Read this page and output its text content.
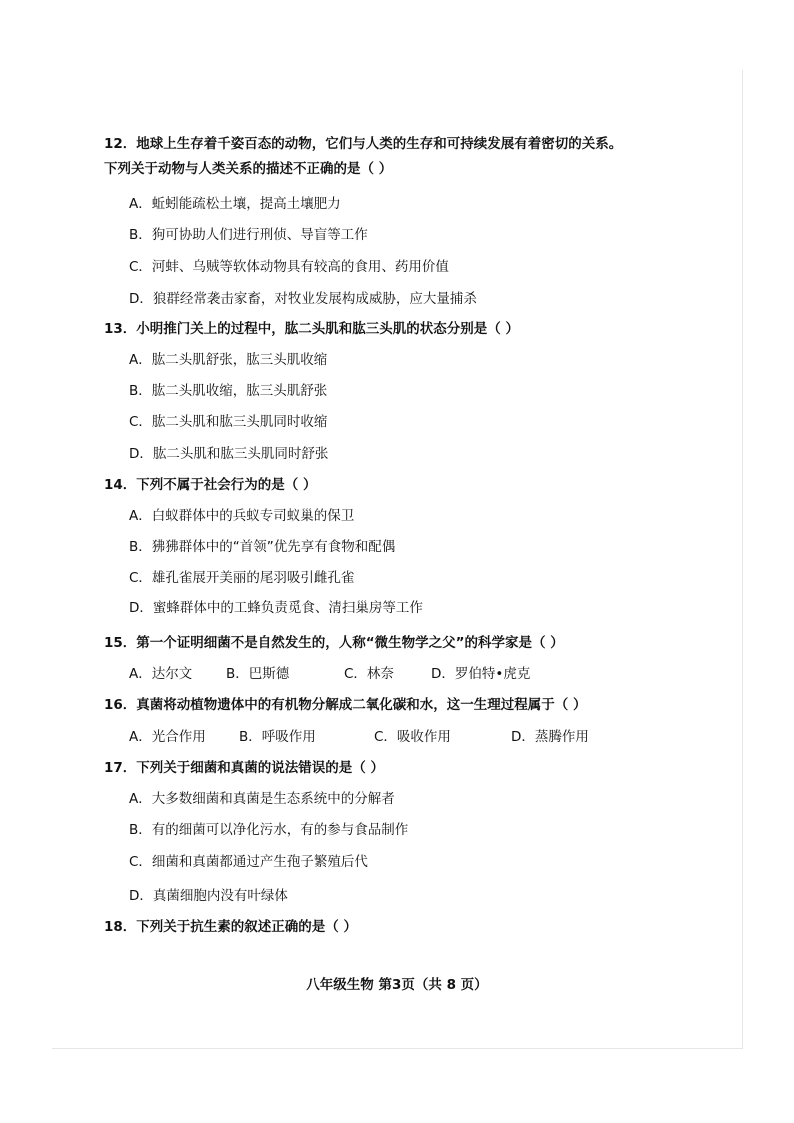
12．地球上生存着千姿百态的动物，它们与人类的生存和可持续发展有着密切的关系。
下列关于动物与人类关系的描述不正确的是（ ）
A．蚯蚓能疏松土壤，提高土壤肥力
B．狗可协助人们进行刑侦、导盲等工作
C．河蚌、乌贼等软体动物具有较高的食用、药用价值
D．狼群经常袭击家畜，对牧业发展构成威胁，应大量捕杀
13．小明推门关上的过程中，肱二头肌和肱三头肌的状态分别是（ ）
A．肱二头肌舒张，肱三头肌收缩
B．肱二头肌收缩，肱三头肌舒张
C．肱二头肌和肱三头肌同时收缩
D．肱二头肌和肱三头肌同时舒张
14．下列不属于社会行为的是（ ）
A．白蚁群体中的兵蚁专司蚁巢的保卫
B．狒狒群体中的“首领”优先享有食物和配偶
C．雄孔雀展开美丽的尾羽吸引雌孔雀
D．蜜蜂群体中的工蜂负责觅食、清扫巢房等工作
15．第一个证明细菌不是自然发生的，人称“微生物学之父”的科学家是（ ）
A．达尔文	B．巴斯德	C．林奈	D．罗伯特•虎克
16．真菌将动植物遗体中的有机物分解成二氧化碳和水，这一生理过程属于（ ）
A．光合作用 B．呼吸作用	C．吸收作用	D．蒸腾作用
17．下列关于细菌和真菌的说法错误的是（ ）
A．大多数细菌和真菌是生态系统中的分解者
B．有的细菌可以净化污水，有的参与食品制作
C．细菌和真菌都通过产生孢子繁殖后代
D．真菌细胞内没有叶绿体
18．下列关于抗生素的叙述正确的是（ ）
八年级生物 第3页（共 8 页）
